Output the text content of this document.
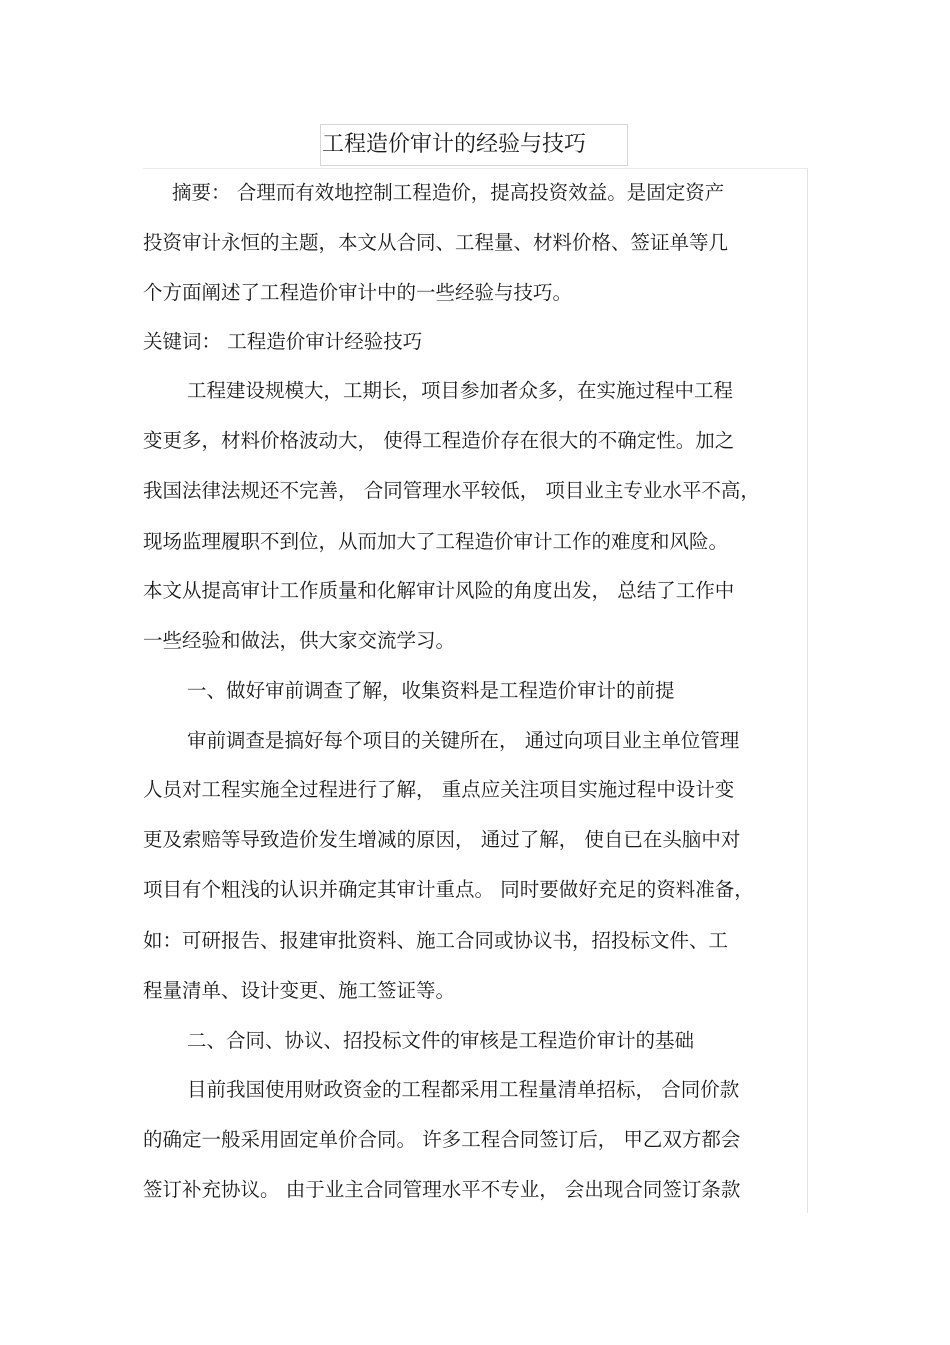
工程造价审计的经验与技巧
摘要： 合理而有效地控制工程造价，提高投资效益。是固定资产
投资审计永恒的主题，本文从合同、工程量、材料价格、签证单等几
个方面阐述了工程造价审计中的一些经验与技巧。
关键词： 工程造价审计经验技巧
工程建设规模大，工期长，项目参加者众多，在实施过程中工程
变更多，材料价格波动大， 使得工程造价存在很大的不确定性。加之
我国法律法规还不完善， 合同管理水平较低， 项目业主专业水平不高，
现场监理履职不到位，从而加大了工程造价审计工作的难度和风险。
本文从提高审计工作质量和化解审计风险的角度出发， 总结了工作中
一些经验和做法，供大家交流学习。
一、做好审前调查了解，收集资料是工程造价审计的前提
审前调查是搞好每个项目的关键所在， 通过向项目业主单位管理
人员对工程实施全过程进行了解， 重点应关注项目实施过程中设计变
更及索赔等导致造价发生增减的原因， 通过了解， 使自已在头脑中对
项目有个粗浅的认识并确定其审计重点。 同时要做好充足的资料准备，
如：可研报告、报建审批资料、施工合同或协议书，招投标文件、工
程量清单、设计变更、施工签证等。
二、合同、协议、招投标文件的审核是工程造价审计的基础
目前我国使用财政资金的工程都采用工程量清单招标， 合同价款
的确定一般采用固定单价合同。 许多工程合同签订后， 甲乙双方都会
签订补充协议。 由于业主合同管理水平不专业， 会出现合同签订条款
